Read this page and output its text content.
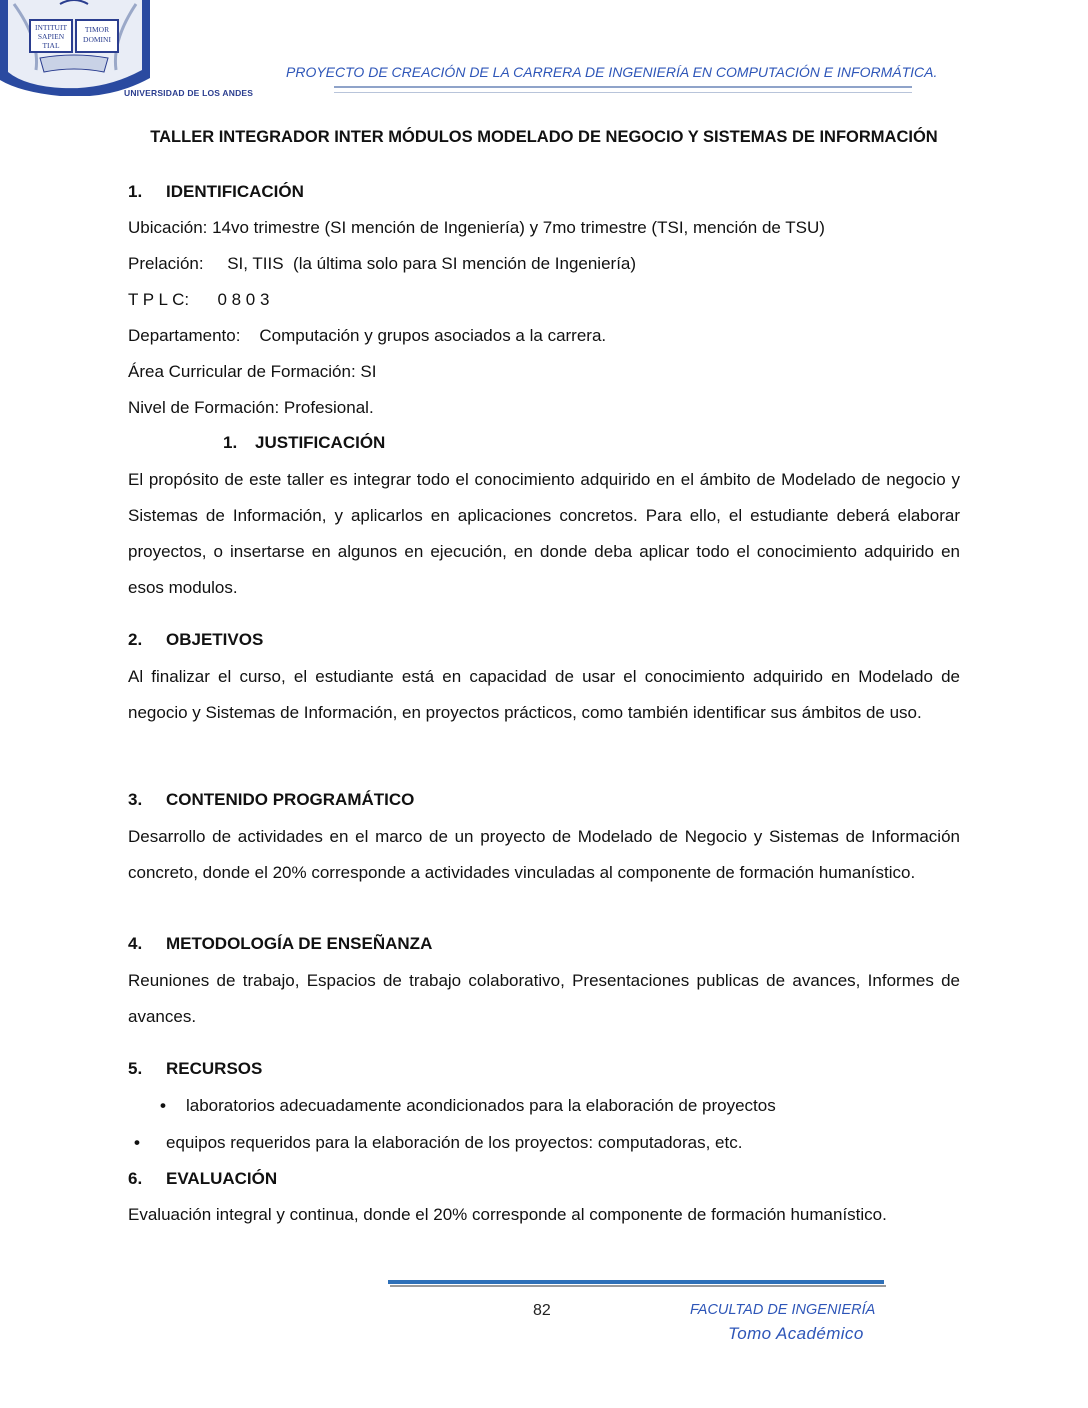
INTITUIT
SAPIEN
TIAL
TIMOR
DOMINI
UNIVERSIDAD DE LOS ANDES
PROYECTO DE CREACIÓN DE LA CARRERA DE INGENIERÍA EN COMPUTACIÓN E INFORMÁTICA.
TALLER INTEGRADOR INTER MÓDULOS MODELADO DE NEGOCIO Y SISTEMAS DE INFORMACIÓN
1. IDENTIFICACIÓN
Ubicación: 14vo trimestre (SI mención de Ingeniería) y 7mo trimestre (TSI, mención de TSU)
Prelación:     SI, TIIS  (la última solo para SI mención de Ingeniería)
T P L C:      0 8 0 3
Departamento:    Computación y grupos asociados a la carrera.
Área Curricular de Formación: SI
Nivel de Formación: Profesional.
1. JUSTIFICACIÓN
El propósito de este taller es integrar todo el conocimiento adquirido en el ámbito de Modelado de negocio y Sistemas de Información, y aplicarlos en aplicaciones concretos. Para ello, el estudiante deberá elaborar proyectos, o insertarse en algunos en ejecución, en donde deba aplicar todo el conocimiento adquirido en esos modulos.
2. OBJETIVOS
Al finalizar el curso, el estudiante está en capacidad de usar el conocimiento adquirido en Modelado de negocio y Sistemas de Información, en proyectos prácticos, como también identificar sus ámbitos de uso.
3. CONTENIDO PROGRAMÁTICO
Desarrollo de actividades en el marco de un proyecto de Modelado de Negocio y Sistemas de Información concreto, donde el 20% corresponde a actividades vinculadas al componente de formación humanístico.
4. METODOLOGÍA DE ENSEÑANZA
Reuniones de trabajo, Espacios de trabajo colaborativo, Presentaciones publicas de avances, Informes de avances.
5. RECURSOS
• laboratorios adecuadamente acondicionados para la elaboración de proyectos
• equipos requeridos para la elaboración de los proyectos: computadoras, etc.
6. EVALUACIÓN
Evaluación integral y continua, donde el 20% corresponde al componente de formación humanístico.
82	FACULTAD DE INGENIERÍA
Tomo Académico
